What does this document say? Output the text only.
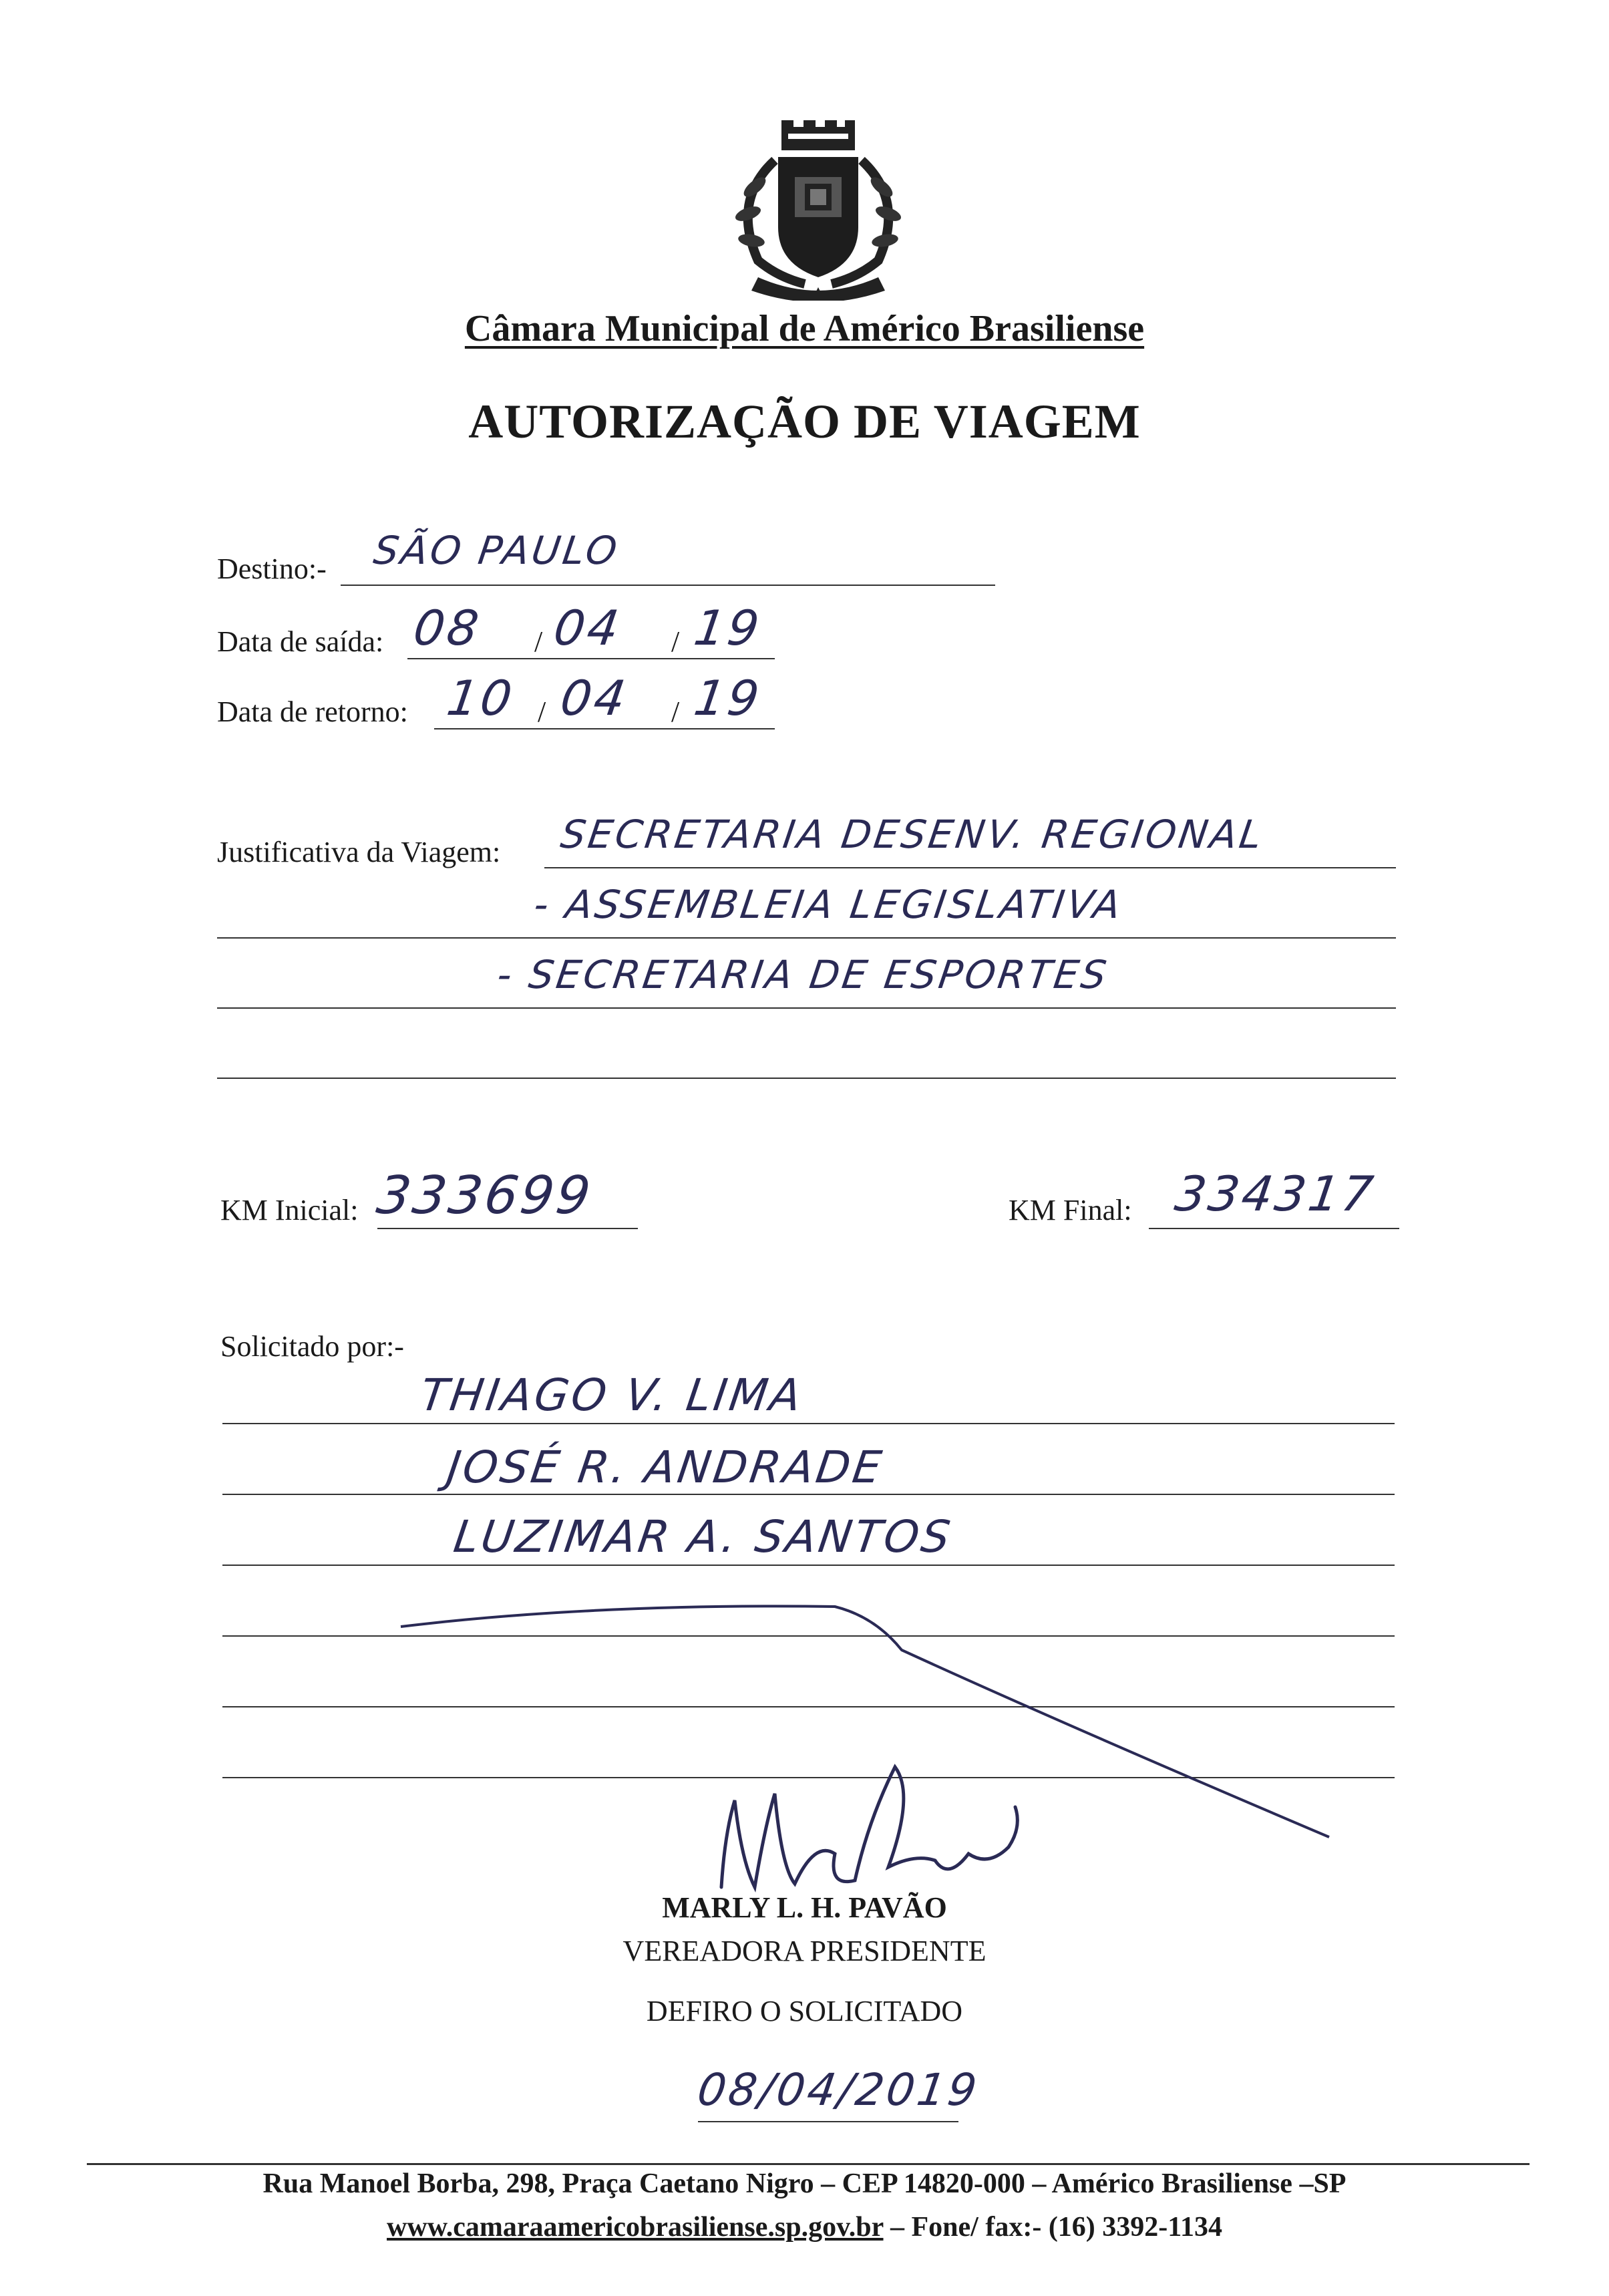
Câmara Municipal de Américo Brasiliense
AUTORIZAÇÃO DE VIAGEM
Destino:- SÃO PAULO
Data de saída: 08 / 04 / 19
Data de retorno: 10 / 04 / 19
Justificativa da Viagem: SECRETARIA DESENV. REGIONAL
- ASSEMBLEIA LEGISLATIVA
- SECRETARIA DE ESPORTES
KM Inicial: 333699	KM Final: 334317
Solicitado por:-
THIAGO V. LIMA
JOSÉ R. ANDRADE
LUZIMAR A. SANTOS
MARLY L. H. PAVÃO
VEREADORA PRESIDENTE
DEFIRO O SOLICITADO
08/04/2019
Rua Manoel Borba, 298, Praça Caetano Nigro – CEP 14820-000 – Américo Brasiliense –SP
www.camaraamericobrasiliense.sp.gov.br – Fone/ fax:- (16) 3392-1134
